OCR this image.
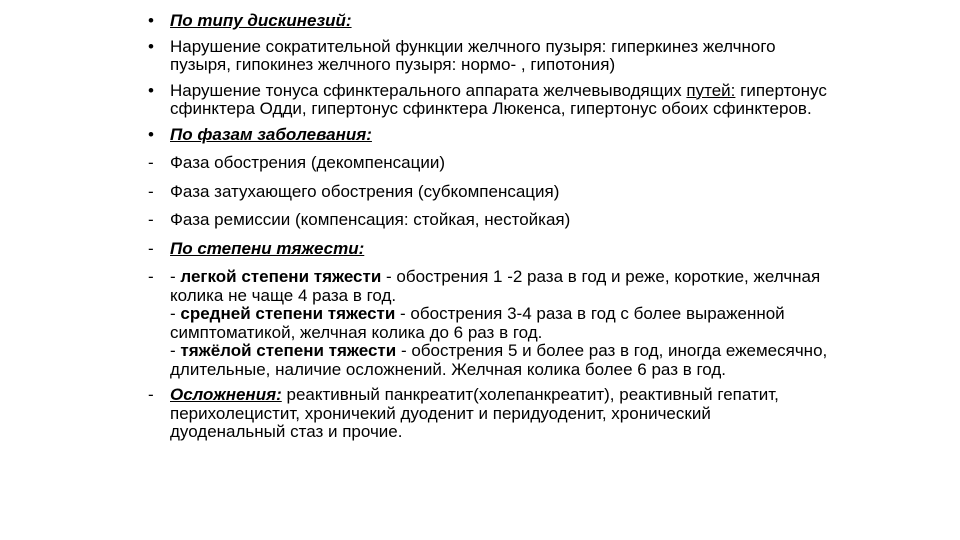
• По типу дискинезий:
• Нарушение сократительной функции желчного пузыря: гиперкинез желчного пузыря, гипокинез желчного пузыря: нормо- , гипотония)
• Нарушение тонуса сфинктерального аппарата желчевыводящих путей: гипертонус сфинктера Одди, гипертонус сфинктера Люкенса, гипертонус обоих сфинктеров.
• По фазам заболевания:
- Фаза обострения (декомпенсации)
- Фаза затухающего обострения (субкомпенсация)
- Фаза ремиссии (компенсация: стойкая, нестойкая)
- По степени тяжести:
- - легкой степени тяжести - обострения 1 -2 раза в год и реже, короткие, желчная колика не чаще 4 раза в год.
- средней степени тяжести - обострения 3-4 раза в год с более выраженной симптоматикой, желчная колика до 6 раз в год.
- тяжёлой степени тяжести - обострения 5 и более раз в год, иногда ежемесячно, длительные, наличие осложнений. Желчная колика более 6 раз в год.
- Осложнения: реактивный панкреатит(холепанкреатит), реактивный гепатит, перихолецистит, хроничекий дуоденит и перидуоденит, хронический дуоденальный стаз и прочие.
